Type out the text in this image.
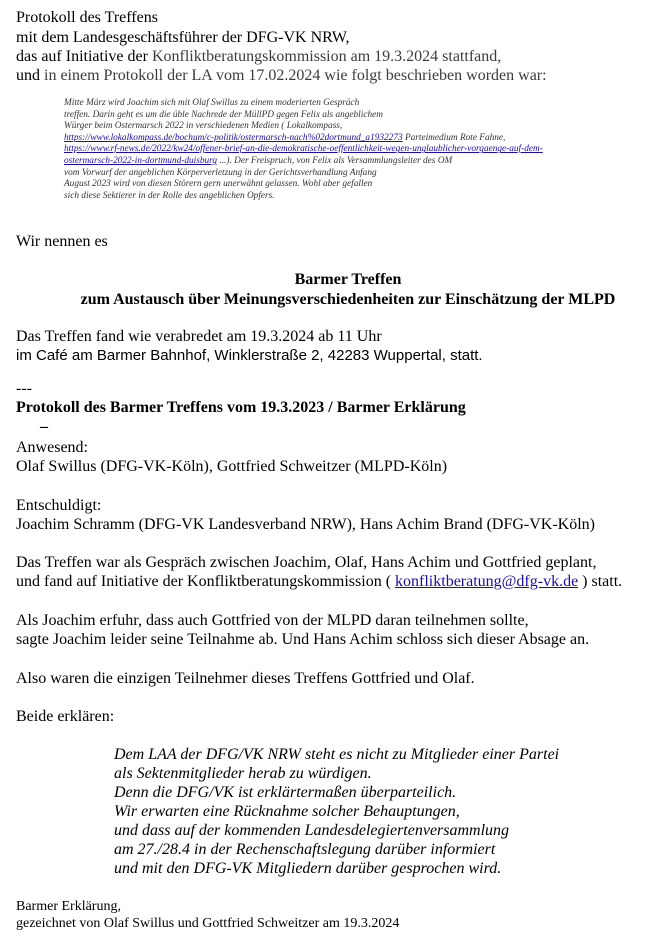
Protokoll des Treffens
mit dem Landesgeschäftsführer der DFG-VK NRW,
das auf Initiative der Konfliktberatungskommission am 19.3.2024 stattfand,
und in einem Protokoll der LA vom 17.02.2024 wie folgt beschrieben worden war:
Mitte März wird Joachim sich mit Olaf Swillus zu einem moderierten Gespräch
treffen. Darin geht es um die üble Nachrede der MüllPD gegen Felix als angeblichem
Würger beim Ostermarsch 2022 in verschiedenen Medien ( Lokalkompass,
https://www.lokalkompass.de/bochum/c-politik/ostermarsch-nach%02dortmund_a1932273 Parteimedium Rote Fahne,
https://www.rf-news.de/2022/kw24/offener-brief-an-die-demokratische-oeffentlichkeit-wegen-unglaublicher-vorgaenge-auf-dem-
ostermarsch-2022-in-dortmund-duisburg ...). Der Freispruch, von Felix als Versammlungsleiter des OM
vom Vorwurf der angeblichen Körperverletzung in der Gerichtsverhandlung Anfang
August 2023 wird von diesen Störern gern unerwähnt gelassen. Wohl aber gefallen
sich diese Sektierer in der Rolle des angeblichen Opfers.
Wir nennen es
Barmer Treffen
zum Austausch über Meinungsverschiedenheiten zur Einschätzung der MLPD
Das Treffen fand wie verabredet am 19.3.2024 ab 11 Uhr
im Café am Barmer Bahnhof, Winklerstraße 2, 42283 Wuppertal, statt.
---
Protokoll des Barmer Treffens vom 19.3.2023 / Barmer Erklärung
–
Anwesend:
Olaf Swillus (DFG-VK-Köln), Gottfried Schweitzer (MLPD-Köln)
Entschuldigt:
Joachim Schramm (DFG-VK Landesverband NRW), Hans Achim Brand (DFG-VK-Köln)
Das Treffen war als Gespräch zwischen Joachim, Olaf, Hans Achim und Gottfried geplant,
und fand auf Initiative der Konfliktberatungskommission ( konfliktberatung@dfg-vk.de ) statt.
Als Joachim erfuhr, dass auch Gottfried von der MLPD daran teilnehmen sollte,
sagte Joachim leider seine Teilnahme ab. Und Hans Achim schloss sich dieser Absage an.
Also waren die einzigen Teilnehmer dieses Treffens Gottfried und Olaf.
Beide erklären:
Dem LAA der DFG/VK NRW steht es nicht zu Mitglieder einer Partei
als Sektenmitglieder herab zu würdigen.
Denn die DFG/VK ist erklärtermaßen überparteilich.
Wir erwarten eine Rücknahme solcher Behauptungen,
und dass auf der kommenden Landesdelegiertenversammlung
am 27./28.4 in der Rechenschaftslegung darüber informiert
und mit den DFG-VK Mitgliedern darüber gesprochen wird.
Barmer Erklärung,
gezeichnet von Olaf Swillus und Gottfried Schweitzer am 19.3.2024
